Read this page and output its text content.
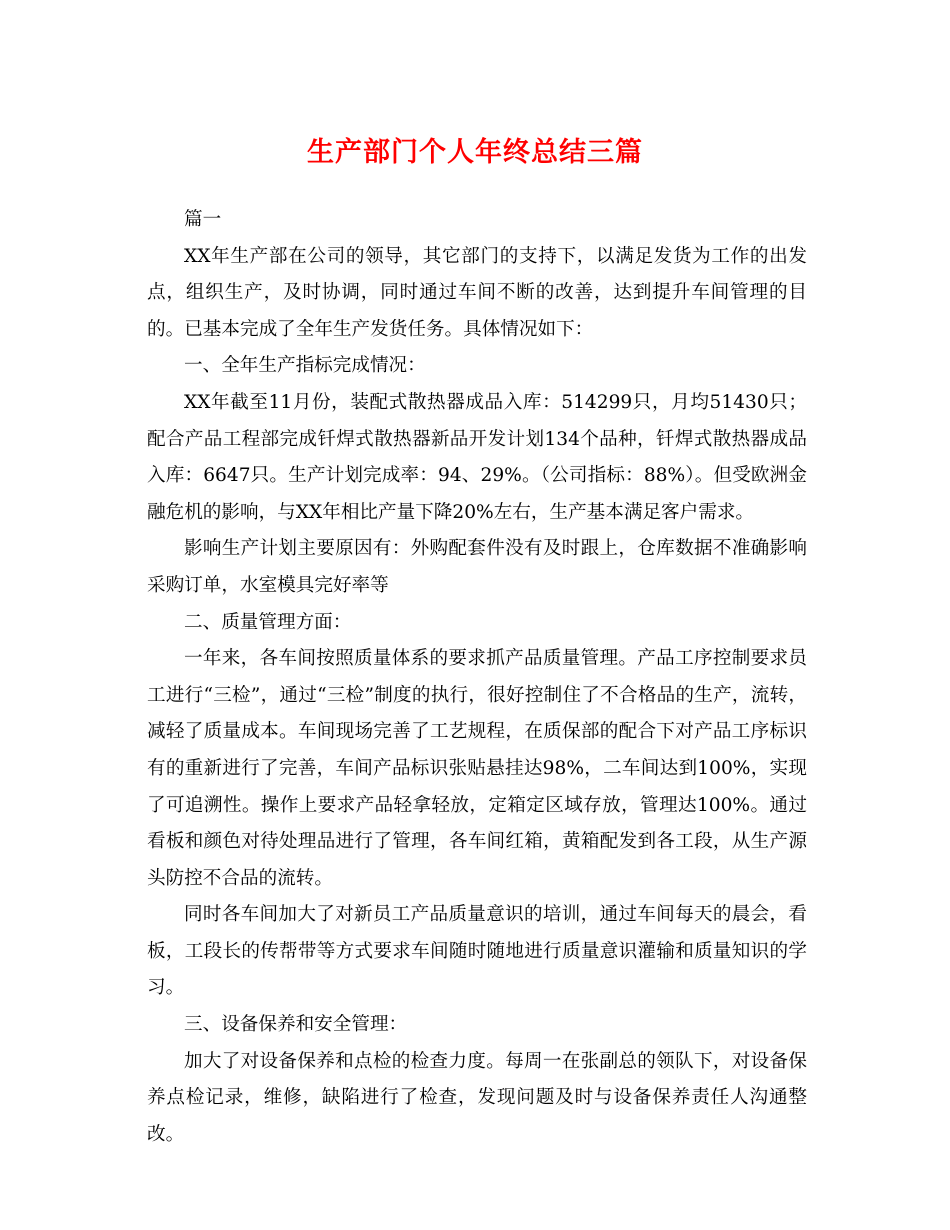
生产部门个人年终总结三篇

篇一

XX年生产部在公司的领导，其它部门的支持下，以满足发货为工作的出发点，组织生产，及时协调，同时通过车间不断的改善，达到提升车间管理的目的。已基本完成了全年生产发货任务。具体情况如下：

一、全年生产指标完成情况：

XX年截至11月份，装配式散热器成品入库：514299只，月均51430只；配合产品工程部完成钎焊式散热器新品开发计划134个品种，钎焊式散热器成品入库：6647只。生产计划完成率：94、29%。（公司指标：88%）。但受欧洲金融危机的影响，与XX年相比产量下降20%左右，生产基本满足客户需求。

影响生产计划主要原因有：外购配套件没有及时跟上，仓库数据不准确影响采购订单，水室模具完好率等

二、质量管理方面：

一年来，各车间按照质量体系的要求抓产品质量管理。产品工序控制要求员工进行“三检”，通过“三检”制度的执行，很好控制住了不合格品的生产，流转，减轻了质量成本。车间现场完善了工艺规程，在质保部的配合下对产品工序标识有的重新进行了完善，车间产品标识张贴悬挂达98%，二车间达到100%，实现了可追溯性。操作上要求产品轻拿轻放，定箱定区域存放，管理达100%。通过看板和颜色对待处理品进行了管理，各车间红箱，黄箱配发到各工段，从生产源头防控不合品的流转。

同时各车间加大了对新员工产品质量意识的培训，通过车间每天的晨会，看板，工段长的传帮带等方式要求车间随时随地进行质量意识灌输和质量知识的学习。

三、设备保养和安全管理：

加大了对设备保养和点检的检查力度。每周一在张副总的领队下，对设备保养点检记录，维修，缺陷进行了检查，发现问题及时与设备保养责任人沟通整改。
